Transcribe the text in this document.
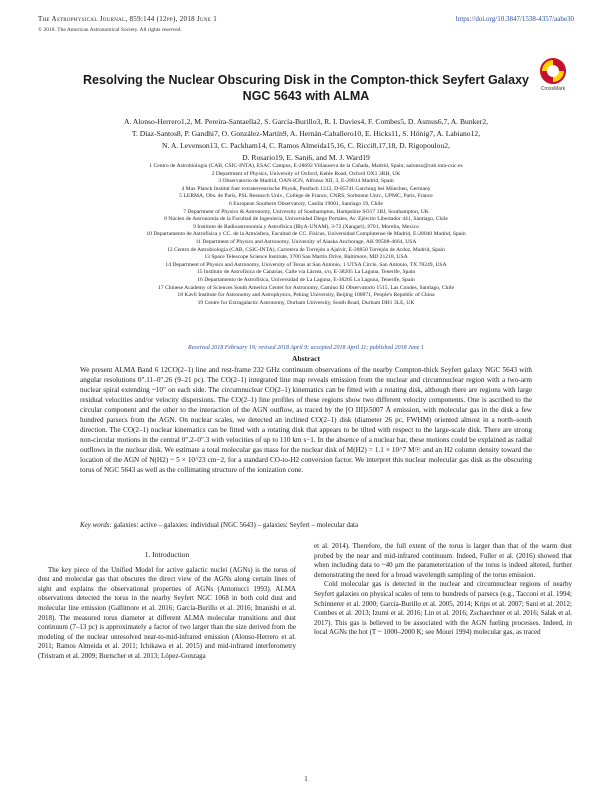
The Astrophysical Journal, 859:144 (12pp), 2018 June 1	https://doi.org/10.3847/1538-4357/aabe30
© 2018. The American Astronomical Society. All rights reserved.
CrossMark
Resolving the Nuclear Obscuring Disk in the Compton-thick Seyfert Galaxy NGC 5643 with ALMA
A. Alonso-Herrero1,2, M. Pereira-Santaella2, S. García-Burillo3, R. I. Davies4, F. Combes5, D. Asmus6,7, A. Bunker2,
T. Díaz-Santos8, P. Gandhi7, O. González-Martín9, A. Hernán-Caballero10, E. Hicks11, S. Hönig7, A. Labiano12,
N. A. Levenson13, C. Packham14, C. Ramos Almeida15,16, C. Ricci8,17,18, D. Rigopoulou2,
D. Rosario19, E. Sani6, and M. J. Ward19
1 Centro de Astrobiología (CAB, CSIC-INTA), ESAC Campus, E-28692 Villanueva de la Cañada, Madrid, Spain; aalonso@cab.inta-csic.es
2 Department of Physics, University of Oxford, Keble Road, Oxford OX1 3RH, UK
3 Observatorio de Madrid, OAN-IGN, Alfonso XII, 3, E-28014 Madrid, Spain
4 Max Planck Institut fuer extraterrestrische Physik, Postfach 1312, D-85741 Garching bei München, Germany
5 LERMA, Obs. de Paris, PSL Research Univ., Collège de France, CNRS, Sorbonne Univ., UPMC, Paris, France
6 European Southern Observatory, Casilla 19001, Santiago 19, Chile
7 Department of Physics & Astronomy, University of Southampton, Hampshire SO17 1BJ, Southampton, UK
8 Núcleo de Astronomía de la Facultad de Ingeniería, Universidad Diego Portales, Av. Ejército Libertador 441, Santiago, Chile
9 Instituto de Radioastronomía y Astrofísica (IRyA-UNAM), 3-72 (Xangari), 8701, Morelia, Mexico
10 Departamento de Astrofísica y CC. de la Atmósfera, Facultad de CC. Físicas, Universidad Complutense de Madrid, E-28040 Madrid, Spain
11 Department of Physics and Astronomy, University of Alaska Anchorage, AK 99508-4664, USA
12 Centro de Astrobiología (CAB, CSIC-INTA), Carretera de Torrejón a Ajalvir, E-28850 Torrejón de Ardoz, Madrid, Spain
13 Space Telescope Science Institute, 3700 San Martin Drive, Baltimore, MD 21218, USA
14 Department of Physics and Astronomy, University of Texas at San Antonio, 1 UTSA Circle, San Antonio, TX 78249, USA
15 Instituto de Astrofísica de Canarias, Calle vía Láctea, s/n, E-38205 La Laguna, Tenerife, Spain
16 Departamento de Astrofísica, Universidad de La Laguna, E-38205 La Laguna, Tenerife, Spain
17 Chinese Academy of Sciences South America Center for Astronomy, Camino El Observatorio 1515, Las Condes, Santiago, Chile
18 Kavli Institute for Astronomy and Astrophysics, Peking University, Beijing 100871, People's Republic of China
19 Centre for Extragalactic Astronomy, Durham University, South Road, Durham DH1 3LE, UK
Received 2018 February 19; revised 2018 April 9; accepted 2018 April 11; published 2018 June 1
Abstract
We present ALMA Band 6 12CO(2–1) line and rest-frame 232 GHz continuum observations of the nearby Compton-thick Seyfert galaxy NGC 5643 with angular resolutions 0″.11–0″.26 (9–21 pc). The CO(2–1) integrated line map reveals emission from the nuclear and circumnuclear region with a two-arm nuclear spiral extending ~10″ on each side. The circumnuclear CO(2–1) kinematics can be fitted with a rotating disk, although there are regions with large residual velocities and/or velocity dispersions. The CO(2–1) line profiles of these regions show two different velocity components. One is ascribed to the circular component and the other to the interaction of the AGN outflow, as traced by the [O III]λ5007 Å emission, with molecular gas in the disk a few hundred parsecs from the AGN. On nuclear scales, we detected an inclined CO(2–1) disk (diameter 26 pc, FWHM) oriented almost in a north–south direction. The CO(2–1) nuclear kinematics can be fitted with a rotating disk that appears to be tilted with respect to the large-scale disk. There are strong non-circular motions in the central 0″.2–0″.3 with velocities of up to 110 km s−1. In the absence of a nuclear bar, these motions could be explained as radial outflows in the nuclear disk. We estimate a total molecular gas mass for the nuclear disk of M(H2) = 1.1 × 10^7 M☉ and an H2 column density toward the location of the AGN of N(H2) ~ 5 × 10^23 cm−2, for a standard CO-to-H2 conversion factor. We interpret this nuclear molecular gas disk as the obscuring torus of NGC 5643 as well as the collimating structure of the ionization cone.
Key words: galaxies: active – galaxies: individual (NGC 5643) – galaxies: Seyfert – molecular data
1. Introduction

The key piece of the Unified Model for active galactic nuclei (AGNs) is the torus of dust and molecular gas that obscures the direct view of the AGNs along certain lines of sight and explains the observational properties of AGNs (Antonucci 1993). ALMA observations detected the torus in the nearby Seyfert NGC 1068 in both cold dust and molecular line emission (Gallimore et al. 2016; García-Burillo et al. 2016; Imanishi et al. 2018). The measured torus diameter at different ALMA molecular transitions and dust continuum (7–13 pc) is approximately a factor of two larger than the size derived from the modeling of the nuclear unresolved near-to-mid-infrared emission (Alonso-Herrero et al. 2011; Ramos Almeida et al. 2011; Ichikawa et al. 2015) and mid-infrared interferometry (Tristram et al. 2009; Burtscher et al. 2013; López-Gonzaga

et al. 2014). Therefore, the full extent of the torus is larger than that of the warm dust probed by the near and mid-infrared continuum. Indeed, Fuller et al. (2016) showed that when including data to ~40 μm the parameterization of the torus is indeed altered, further demonstrating the need for a broad wavelength sampling of the torus emission.

Cold molecular gas is detected in the nuclear and circumnuclear regions of nearby Seyfert galaxies on physical scales of tens to hundreds of parsecs (e.g., Tacconi et al. 1994; Schinnerer et al. 2000; García-Burillo et al. 2005, 2014; Krips et al. 2007; Sani et al. 2012; Combes et al. 2013; Izumi et al. 2016; Lin et al. 2016; Zschaechner et al. 2016; Salak et al. 2017). This gas is believed to be associated with the AGN fueling processes. Indeed, in local AGNs the hot (T ~ 1000–2000 K; see Mouri 1994) molecular gas, as traced

1
